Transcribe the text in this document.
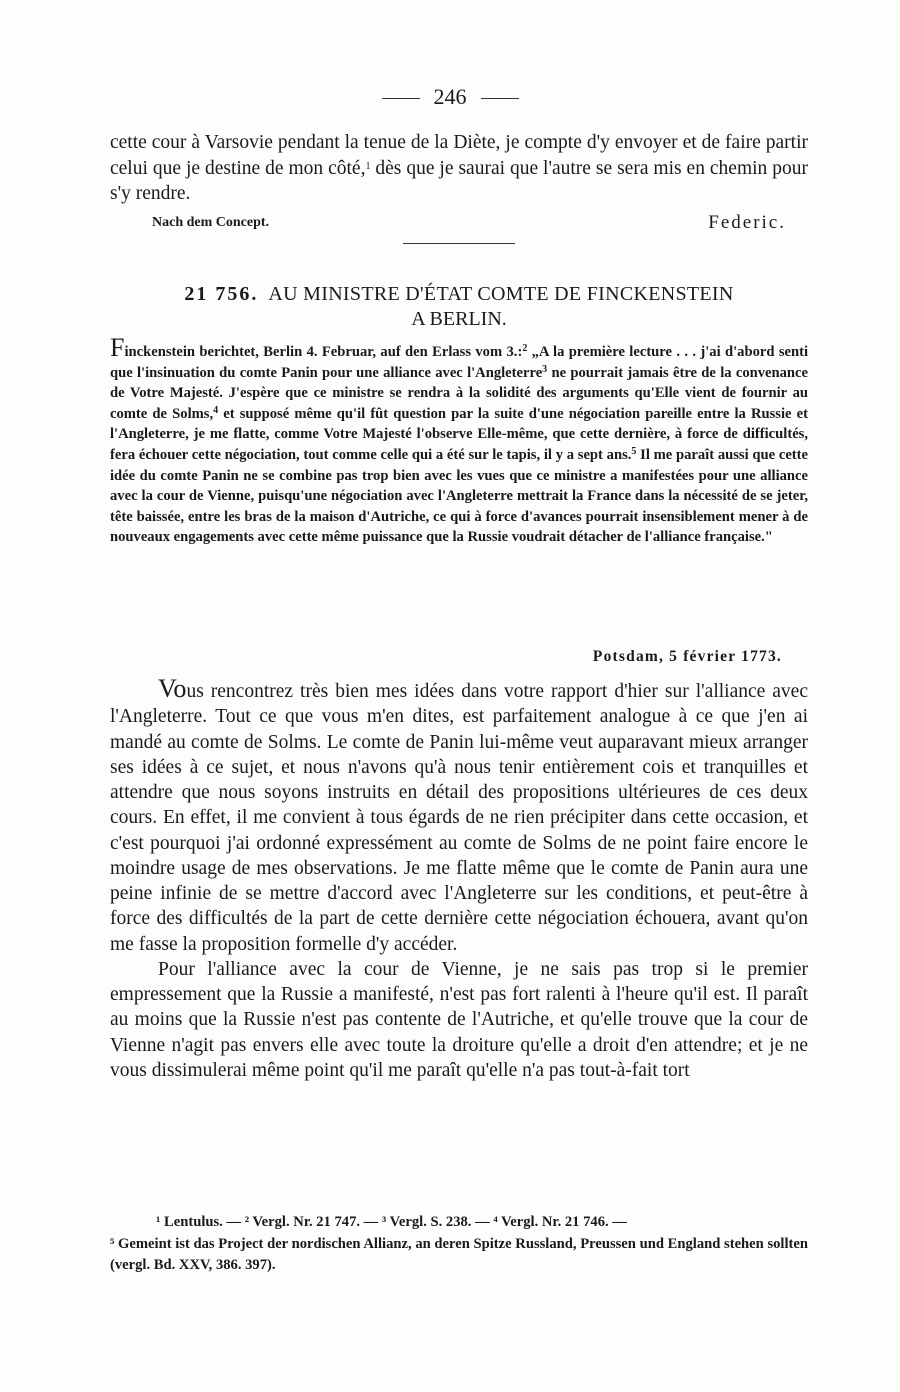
246

cette cour à Varsovie pendant la tenue de la Diète, je compte d'y envoyer et de faire partir celui que je destine de mon côté,$^1$ dès que je saurai que l'autre se sera mis en chemin pour s'y rendre.

Nach dem Concept.	Federic.
21 756. AU MINISTRE D'ÉTAT COMTE DE FINCKENSTEIN
A BERLIN.
Finckenstein berichtet, Berlin 4. Februar, auf den Erlass vom 3.:$^2$ „A la première lecture . . . j'ai d'abord senti que l'insinuation du comte Panin pour une alliance avec l'Angleterre$^3$ ne pourrait jamais être de la convenance de Votre Majesté. J'espère que ce ministre se rendra à la solidité des arguments qu'Elle vient de fournir au comte de Solms,$^4$ et supposé même qu'il fût question par la suite d'une négociation pareille entre la Russie et l'Angleterre, je me flatte, comme Votre Majesté l'observe Elle-même, que cette dernière, à force de difficultés, fera échouer cette négociation, tout comme celle qui a été sur le tapis, il y a sept ans.$^5$ Il me paraît aussi que cette idée du comte Panin ne se combine pas trop bien avec les vues que ce ministre a manifestées pour une alliance avec la cour de Vienne, puisqu'une négociation avec l'Angleterre mettrait la France dans la nécessité de se jeter, tête baissée, entre les bras de la maison d'Autriche, ce qui à force d'avances pourrait insensiblement mener à de nouveaux engagements avec cette même puissance que la Russie voudrait détacher de l'alliance française."
Potsdam, 5 février 1773.

Vous rencontrez très bien mes idées dans votre rapport d'hier sur l'alliance avec l'Angleterre. Tout ce que vous m'en dites, est parfaitement analogue à ce que j'en ai mandé au comte de Solms. Le comte de Panin lui-même veut auparavant mieux arranger ses idées à ce sujet, et nous n'avons qu'à nous tenir entièrement cois et tranquilles et attendre que nous soyons instruits en détail des propositions ultérieures de ces deux cours. En effet, il me convient à tous égards de ne rien précipiter dans cette occasion, et c'est pourquoi j'ai ordonné expressément au comte de Solms de ne point faire encore le moindre usage de mes observations. Je me flatte même que le comte de Panin aura une peine infinie de se mettre d'accord avec l'Angleterre sur les conditions, et peut-être à force des difficultés de la part de cette dernière cette négociation échouera, avant qu'on me fasse la proposition formelle d'y accéder.

Pour l'alliance avec la cour de Vienne, je ne sais pas trop si le premier empressement que la Russie a manifesté, n'est pas fort ralenti à l'heure qu'il est. Il paraît au moins que la Russie n'est pas contente de l'Autriche, et qu'elle trouve que la cour de Vienne n'agit pas envers elle avec toute la droiture qu'elle a droit d'en attendre; et je ne vous dissimulerai même point qu'il me paraît qu'elle n'a pas tout-à-fait tort

¹ Lentulus. — ² Vergl. Nr. 21 747. — ³ Vergl. S. 238. — ⁴ Vergl. Nr. 21 746. —

⁵ Gemeint ist das Project der nordischen Allianz, an deren Spitze Russland, Preussen und England stehen sollten (vergl. Bd. XXV, 386. 397).
